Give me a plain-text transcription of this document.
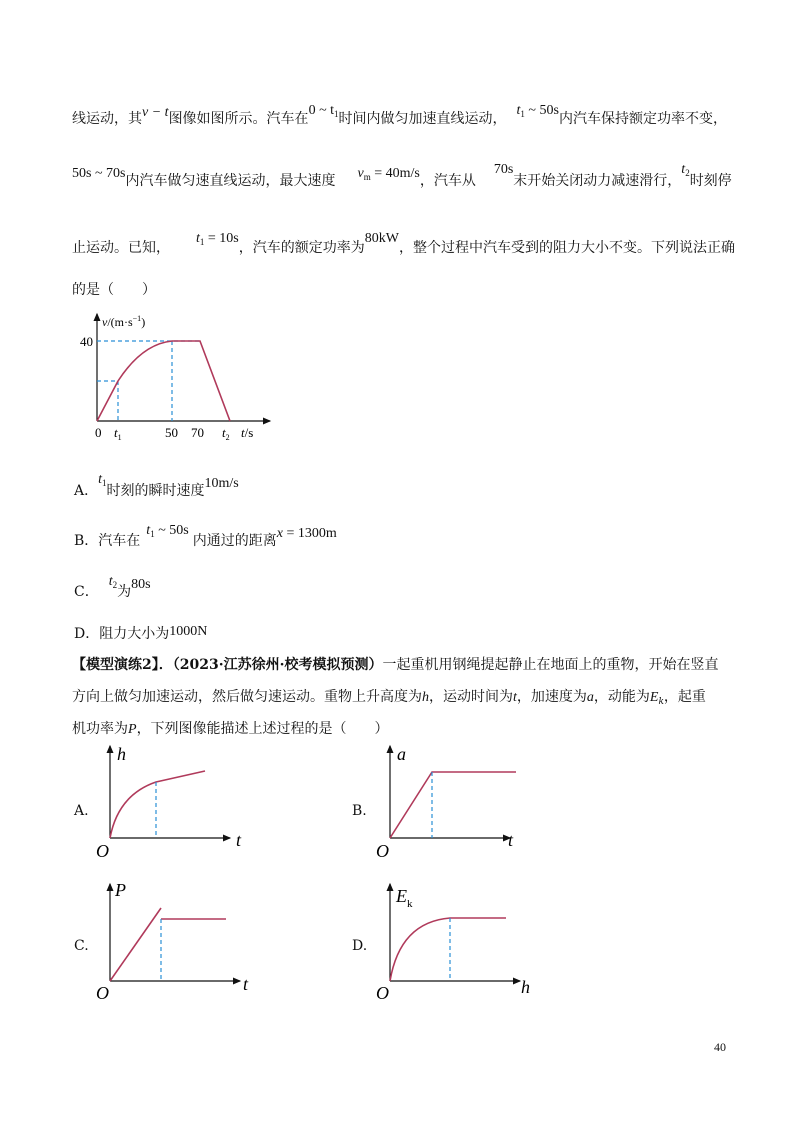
线运动，其v − t图像如图所示。汽车在0 ~ $t_1$时间内做匀加速直线运动，$t_1$ ~ 50s内汽车保持额定功率不变，
50s ~ 70s内汽车做匀速直线运动，最大速度 $v_m = 40m/s$，汽车从70s末开始关闭动力减速滑行，$t_2$时刻停
止运动。已知，$t_1 = 10s$，汽车的额定功率为80kW，整个过程中汽车受到的阻力大小不变。下列说法正确
的是（　　）
$v/(m\cdot s^{-1})$
40
0 $t_1$	50 70 $t_2$ t/s
A．$t_1$时刻的瞬时速度10m/s
B．汽车在$t_1$ ~ 50s内通过的距离x = 1300m
C．$t_2$为80s
D．阻力大小为1000N
【模型演练2】．（2023·江苏徐州·校考模拟预测）一起重机用钢绳提起静止在地面上的重物，开始在竖直
方向上做匀加速运动，然后做匀速运动。重物上升高度为h，运动时间为t，加速度为a，动能为$E_k$，起重
机功率为P，下列图像能描述上述过程的是（　　）
A.
h
O
t
B.
a
O
t
C.
P
O	t
D.
$E_k$
O	h
40
